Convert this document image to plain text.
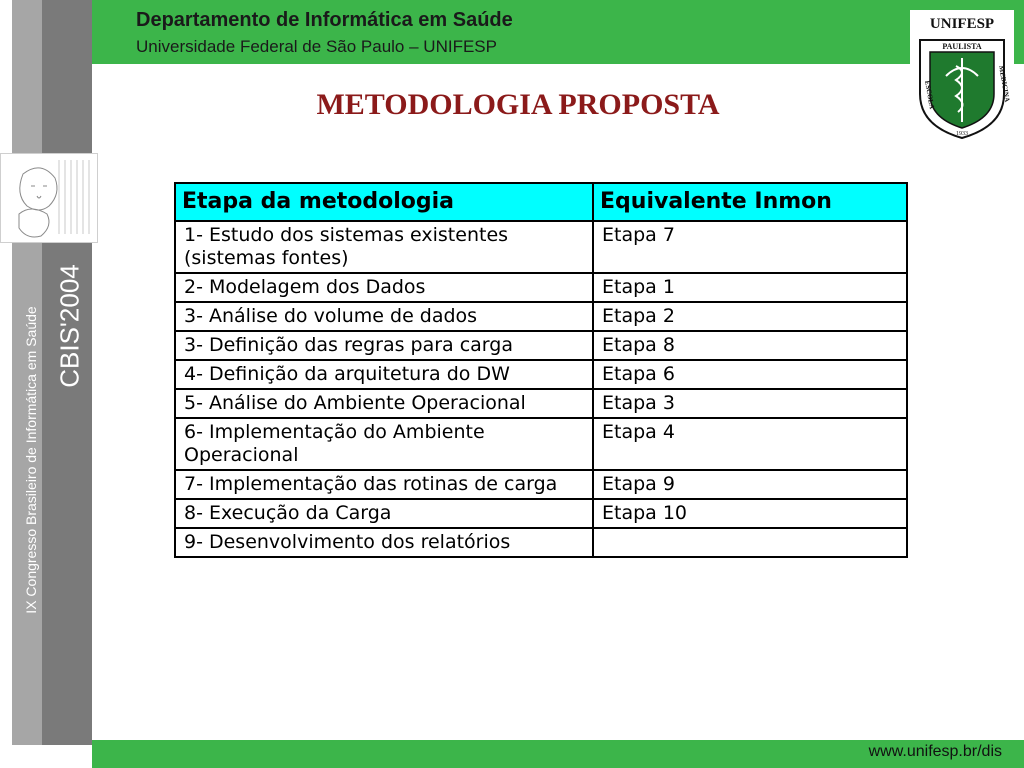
Departamento de Informática em Saúde
Universidade Federal de São Paulo – UNIFESP
UNIFESP
PAULISTA
ESCOLA	MEDICINA
1933
IX Congresso Brasileiro de Informática em Saúde CBIS'2004
METODOLOGIA PROPOSTA
Etapa da metodologia	Equivalente Inmon
1- Estudo dos sistemas existentes (sistemas fontes)	Etapa 7
2- Modelagem dos Dados	Etapa 1
3- Análise do volume de dados	Etapa 2
3- Definição das regras para carga	Etapa 8
4- Definição da arquitetura do DW	Etapa 6
5- Análise do Ambiente Operacional	Etapa 3
6- Implementação do Ambiente Operacional	Etapa 4
7- Implementação das rotinas de carga	Etapa 9
8- Execução da Carga	Etapa 10
9- Desenvolvimento dos relatórios	
www.unifesp.br/dis
